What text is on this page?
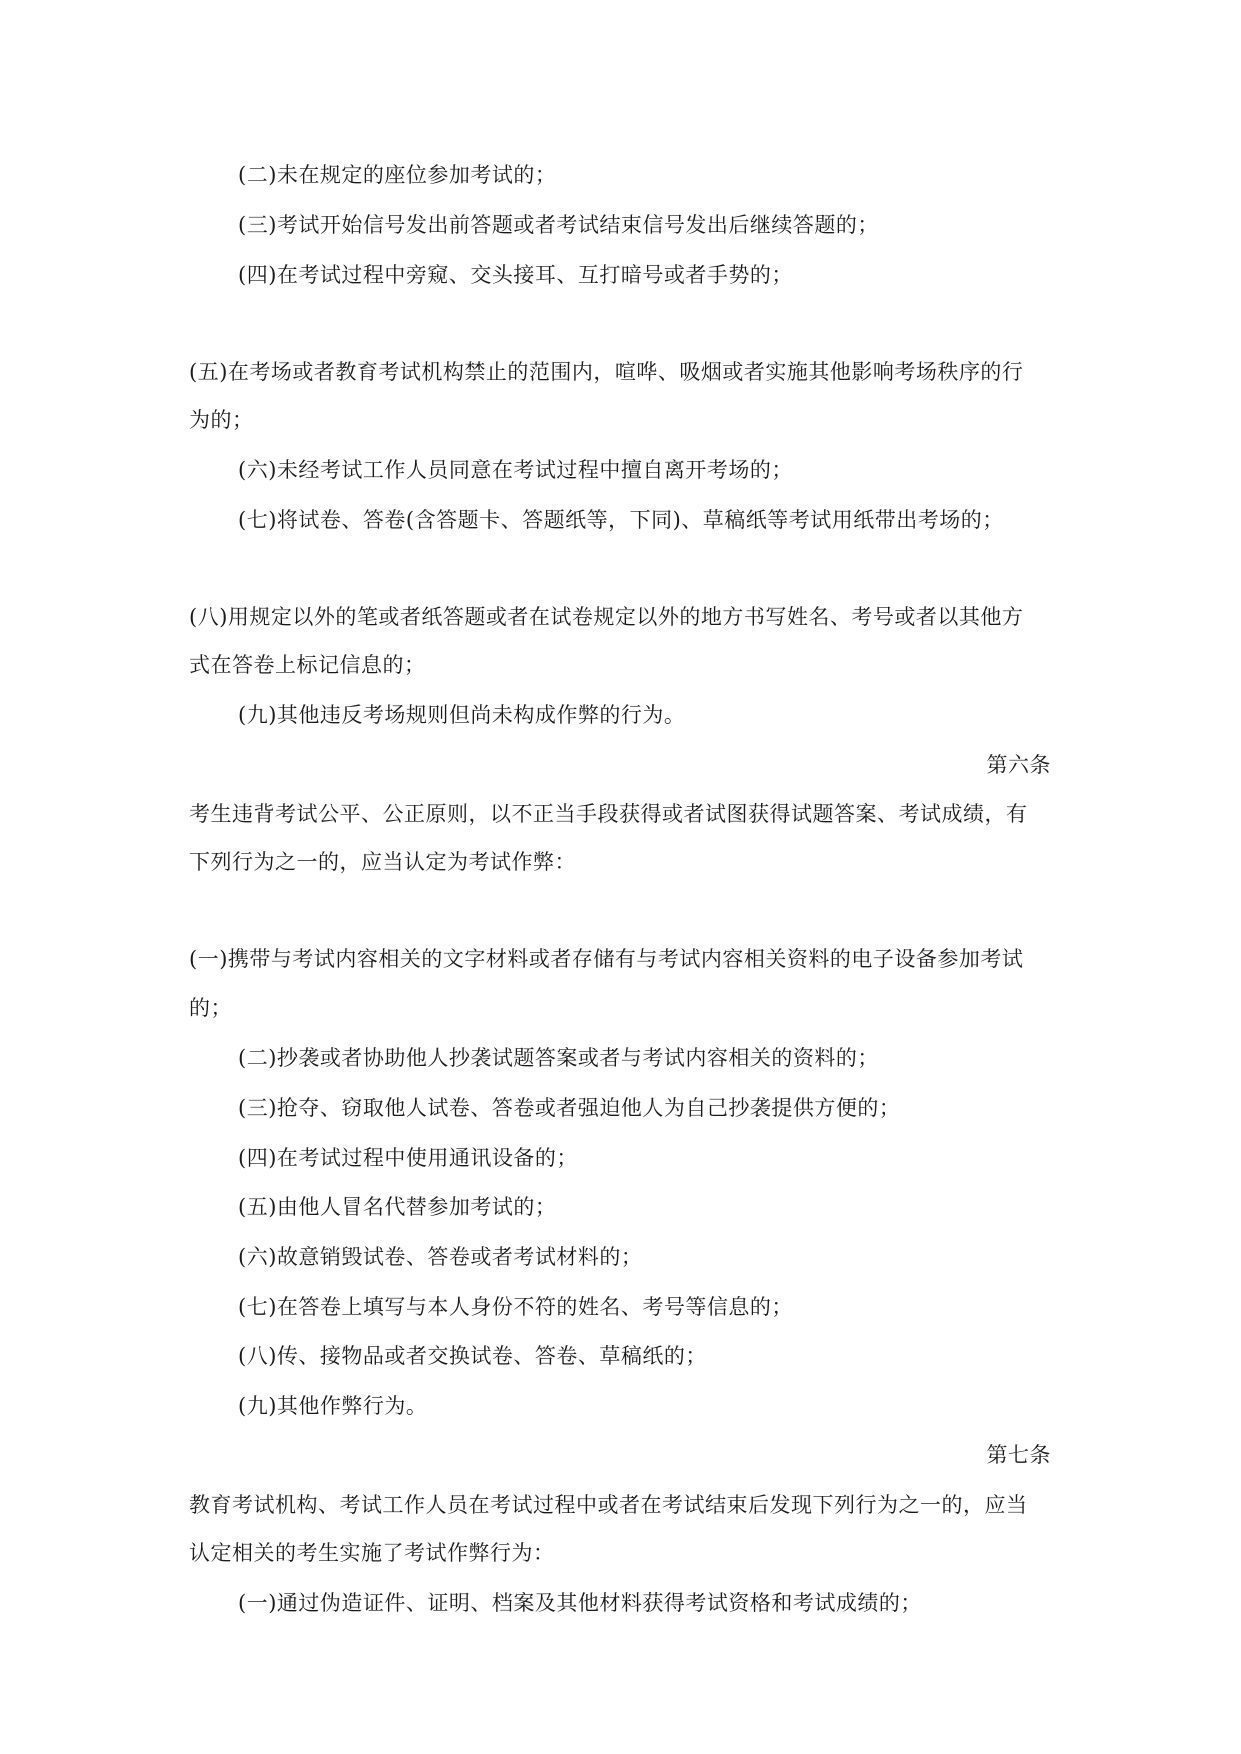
(二)未在规定的座位参加考试的；
(三)考试开始信号发出前答题或者考试结束信号发出后继续答题的；
(四)在考试过程中旁窥、交头接耳、互打暗号或者手势的；
(五)在考场或者教育考试机构禁止的范围内，喧哗、吸烟或者实施其他影响考场秩序的行
为的；
(六)未经考试工作人员同意在考试过程中擅自离开考场的；
(七)将试卷、答卷(含答题卡、答题纸等，下同)、草稿纸等考试用纸带出考场的；
(八)用规定以外的笔或者纸答题或者在试卷规定以外的地方书写姓名、考号或者以其他方
式在答卷上标记信息的；
(九)其他违反考场规则但尚未构成作弊的行为。
第六条
考生违背考试公平、公正原则，以不正当手段获得或者试图获得试题答案、考试成绩，有
下列行为之一的，应当认定为考试作弊：
(一)携带与考试内容相关的文字材料或者存储有与考试内容相关资料的电子设备参加考试
的；
(二)抄袭或者协助他人抄袭试题答案或者与考试内容相关的资料的；
(三)抢夺、窃取他人试卷、答卷或者强迫他人为自己抄袭提供方便的；
(四)在考试过程中使用通讯设备的；
(五)由他人冒名代替参加考试的；
(六)故意销毁试卷、答卷或者考试材料的；
(七)在答卷上填写与本人身份不符的姓名、考号等信息的；
(八)传、接物品或者交换试卷、答卷、草稿纸的；
(九)其他作弊行为。
第七条
教育考试机构、考试工作人员在考试过程中或者在考试结束后发现下列行为之一的，应当
认定相关的考生实施了考试作弊行为：
(一)通过伪造证件、证明、档案及其他材料获得考试资格和考试成绩的；
